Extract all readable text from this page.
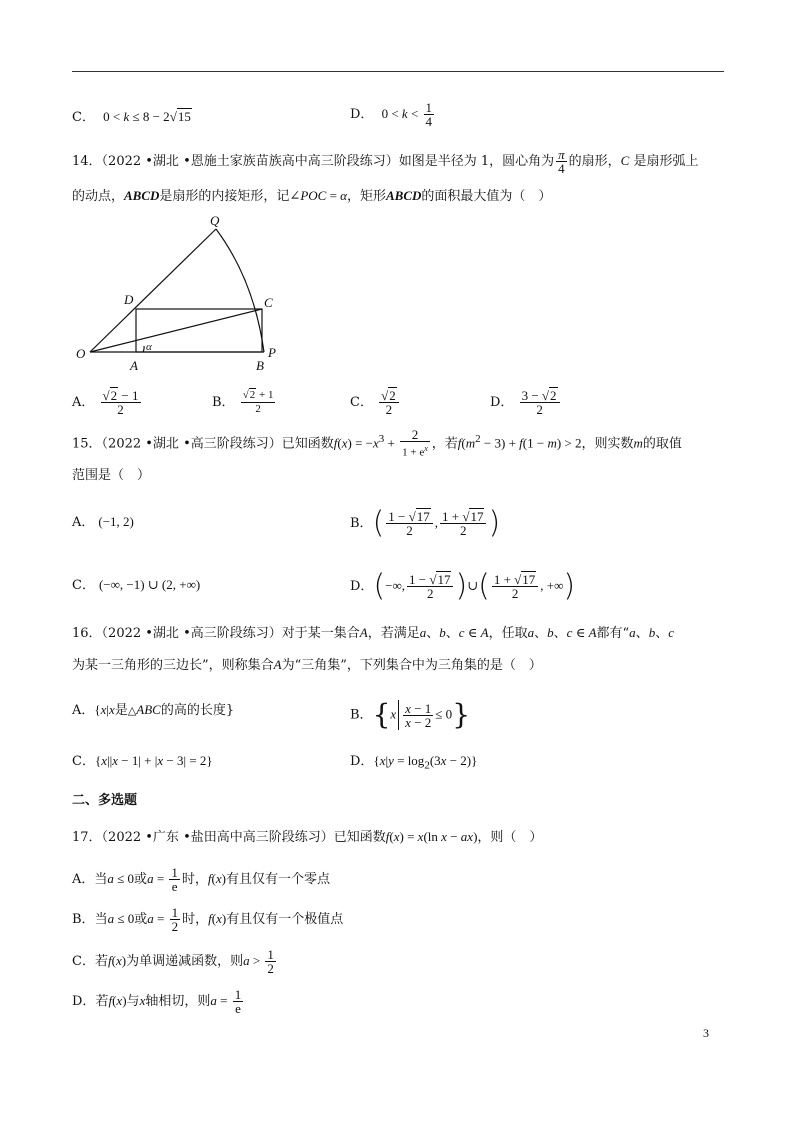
C． 0 < k ≤ 8 − 2√15	D． $0 < k < \frac{1}{4}$
14．（2022 •湖北 •恩施土家族苗族高中高三阶段练习）如图是半径为 1，圆心角为 $\frac{\pi}{4}$ 的扇形，C 是扇形弧上
的动点，ABCD是扇形的内接矩形，记∠POC = α，矩形ABCD的面积最大值为（　）
Q
D	C
O
A	B
P
α
A． $\frac{√2 - 1}{2}$	B． $\frac{√2 + 1}{2}$	C． $\frac{√2}{2}$	D． $\frac{3 - √2}{2}$
15．（2022 •湖北 •高三阶段练习）已知函数$f(x) = -x^3 + \frac{2}{1 + e^x}$ ，若$f(m^2 - 3) + f(1 - m) > 2$，则实数m的取值
范围是（　）
A． (−1, 2)	B．( $\frac{1 - √17}{2}$ , $\frac{1 + √17}{2}$ )
C． (−∞, −1) ∪ (2, +∞)	D．(−∞, $\frac{1 - √17}{2}$ )∪( $\frac{1 + √17}{2}$ , +∞)
16．（2022 •湖北 •高三阶段练习）对于某一集合A，若满足a、b、c ∈ A，任取a、b、c ∈ A都有“a、b、c
为某一三角形的三边长”，则称集合A为“三角集”，下列集合中为三角集的是（　）
A．{x|x是△ABC的高的长度}	B．$\{x \frac{x - 1}{x - 2} \le 0\}$
C．{x||x − 1| + |x − 3| = 2}	D．$\{x|y = \log_2(3x - 2)\}$
二、多选题
17．（2022 •广东 •盐田高中高三阶段练习）已知函数f(x) = x(ln x − ax)，则（　）
A．当a ≤ 0或$a = \frac{1}{e}$ 时，f(x)有且仅有一个零点
B．当a ≤ 0或$a = \frac{1}{2}$ 时，f(x)有且仅有一个极值点
C．若f(x)为单调递减函数，则$a > \frac{1}{2}$
D．若f(x)与x轴相切，则$a = \frac{1}{e}$
3
